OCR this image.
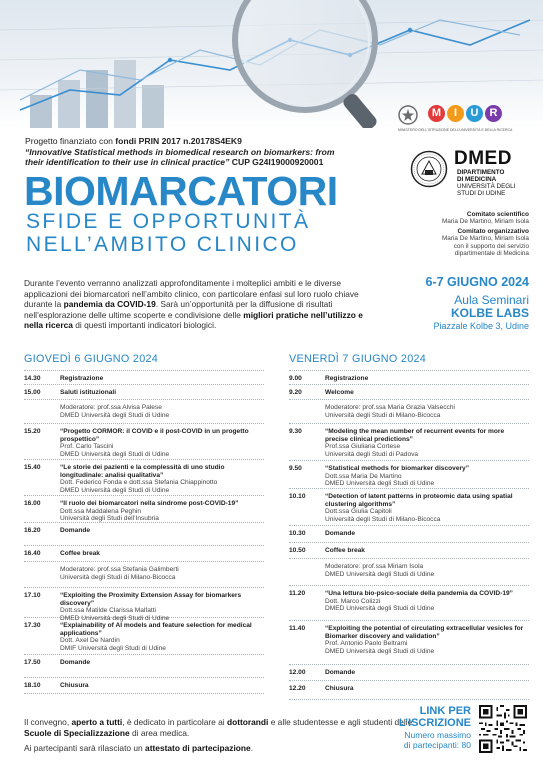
M	I	U	R
MINISTERO DELL'ISTRUZIONE DELL'UNIVERSITÀ E DELLA RICERCA
Progetto finanziato con fondi PRIN 2017 n.20178S4EK9
“Innovative Statistical methods in biomedical research on biomarkers: from
their identification to their use in clinical practice” CUP G24I19000920001	DMED
DIPARTIMENTO
DI MEDICINA
UNIVERSITÀ DEGLI
STUDI DI UDINE
BIOMARCATORI
SFIDE E OPPORTUNITÀ
NELL’AMBITO CLINICO
Comitato scientifico
Maria De Martino, Miriam Isola
Comitato organizzativo
Maria De Martino, Miriam Isola
con il supporto del servizio
dipartimentale di Medicina
Durante l’evento verranno analizzati approfonditamente i molteplici ambiti e le diverse applicazioni dei biomarcatori nell’ambito clinico, con particolare enfasi sul loro ruolo chiave durante la pandemia da COVID-19. Sarà un’opportunità per la diffusione di risultati nell’esplorazione delle ultime scoperte e condivisione delle migliori pratiche nell’utilizzo e nella ricerca di questi importanti indicatori biologici.
6-7 GIUGNO 2024
Aula Seminari
KOLBE LABS
Piazzale Kolbe 3, Udine
GIOVEDÌ 6 GIUGNO 2024	VENERDÌ 7 GIUGNO 2024
14.30	Registrazione
15.00	Saluti istituzionali
Moderatore: prof.ssa Alvisa Palese
DMED Università degli Studi di Udine
15.20	“Progetto CORMOR: il COVID e il post-COVID in un progetto prospettico”
Prof. Carlo Tascini
DMED Università degli Studi di Udine
15.40	“Le storie dei pazienti e la complessità di uno studio longitudinale: analisi qualitativa”
Dott. Federico Fonda e dott.ssa Stefania Chiappinotto
DMED Università degli Studi di Udine
16.00	“Il ruolo dei biomarcatori nella sindrome post-COVID-19”
Dott.ssa Maddalena Peghin
Università degli Studi dell’Insubria
16.20	Domande
16.40	Coffee break
Moderatore: prof.ssa Stefania Galimberti
Università degli Studi di Milano-Bicocca
17.10	“Exploiting the Proximity Extension Assay for biomarkers discovery”
Dott.ssa Matilde Clarissa Malfatti
DMED Università degli Studi di Udine
17.30	“Explainability of AI models and feature selection for medical applications”
Dott. Axel De Nardin
DMIF Università degli Studi di Udine
17.50	Domande
18.10	Chiusura
9.00	Registrazione
9.20	Welcome
Moderatore: prof.ssa Maria Grazia Valsecchi
Università degli Studi di Milano-Bicocca
9.30	“Modeling the mean number of recurrent events for more precise clinical predictions”
Prof.ssa Giuliana Cortese
Università degli Studi di Padova
9.50	“Statistical methods for biomarker discovery”
Dott.ssa Maria De Martino
DMED Università degli Studi di Udine
10.10	“Detection of latent patterns in proteomic data using spatial clustering algorithms”
Dott.ssa Giulia Capitoli
Università degli Studi di Milano-Bicocca
10.30	Domande
10.50	Coffee break
Moderatore: prof.ssa Miriam Isola
DMED Università degli Studi di Udine
11.20	“Una lettura bio-psico-sociale della pandemia da COVID-19”
Dott. Marco Colizzi
DMED Università degli Studi di Udine
11.40	“Exploiting the potential of circulating extracellular vesicles for Biomarker discovery and validation”
Prof. Antonio Paolo Beltrami
DMED Università degli Studi di Udine
12.00	Domande
12.20	Chiusura
Il convegno, aperto a tutti, è dedicato in particolare ai dottorandi e alle studentesse e agli studenti delle Scuole di Specializzazione di area medica.
Ai partecipanti sarà rilasciato un attestato di partecipazione.
LINK PER
L’ISCRIZIONE
Numero massimo
di partecipanti: 80
